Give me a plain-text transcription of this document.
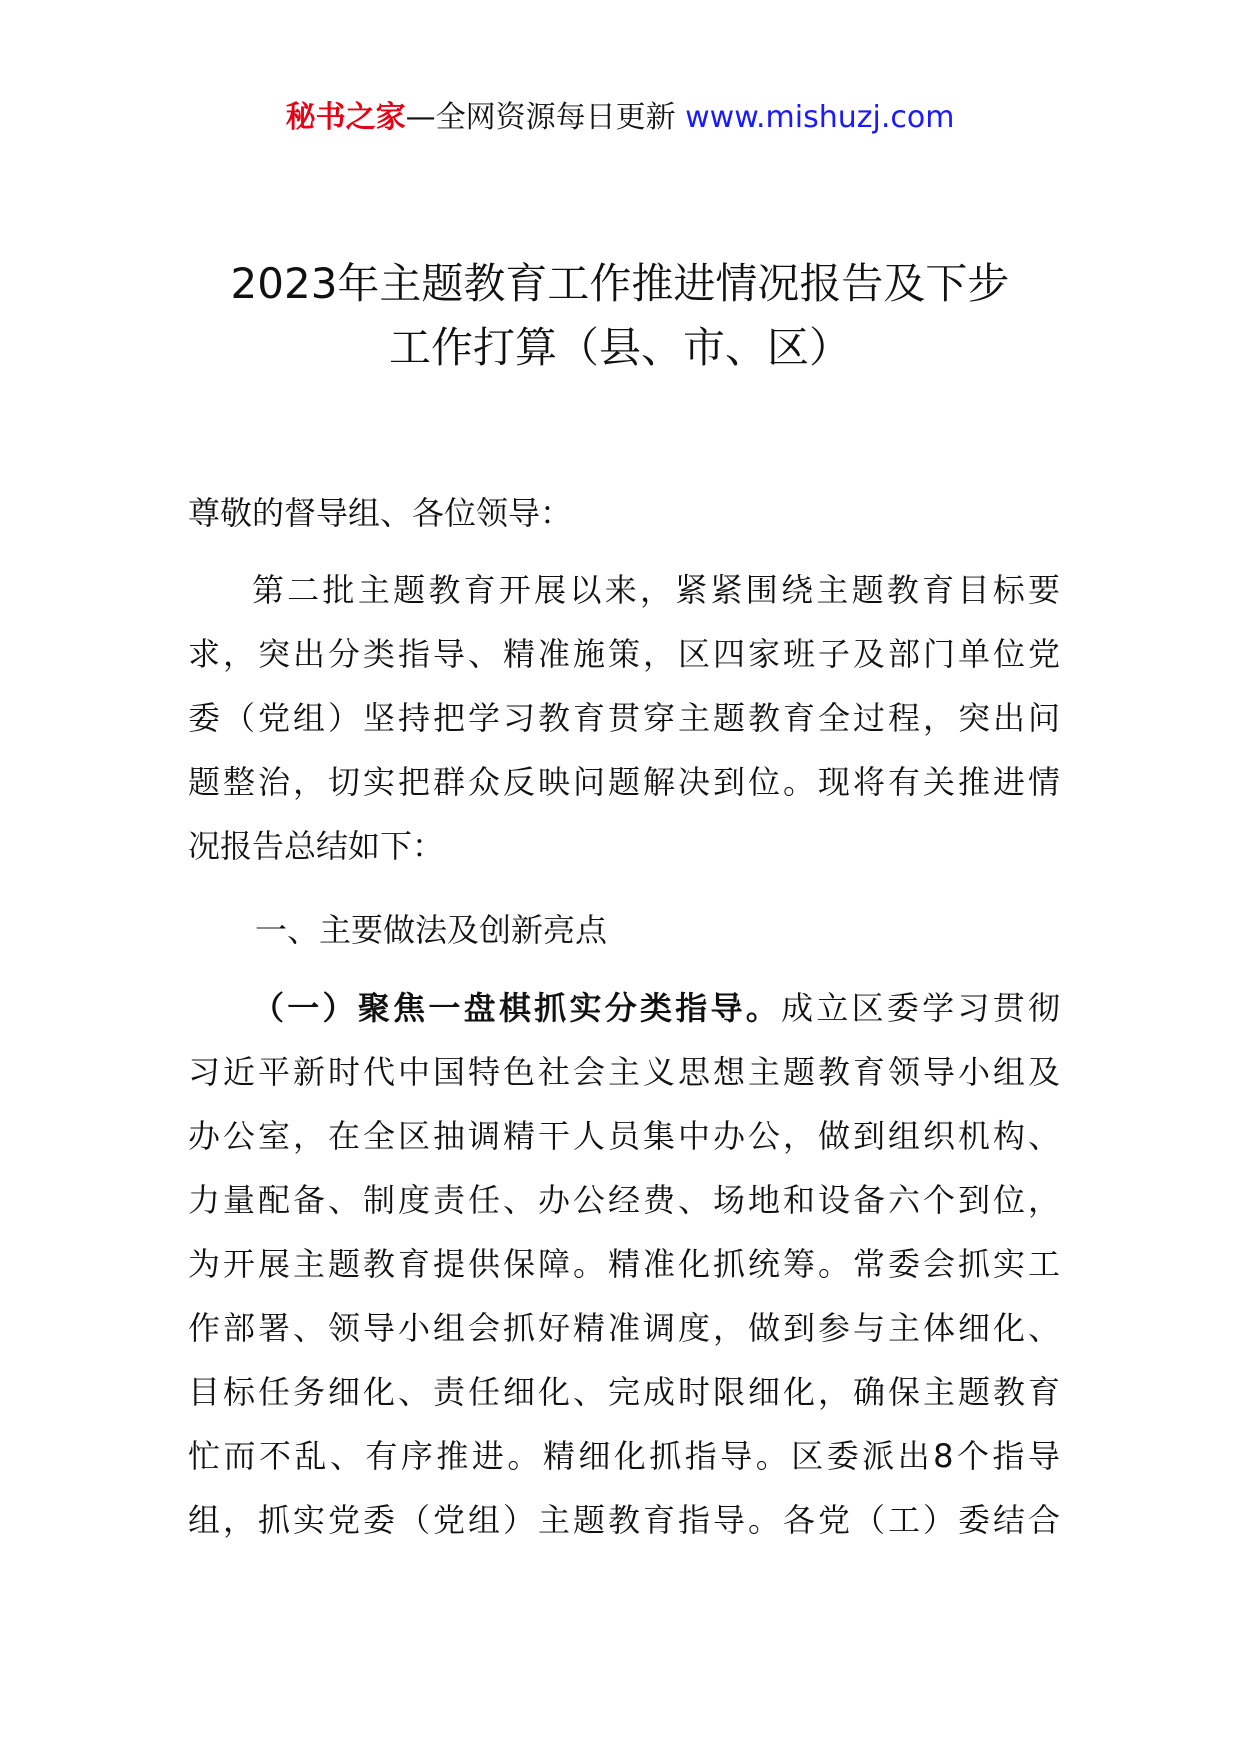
秘书之家—全网资源每日更新 www.mishuzj.com
2023年主题教育工作推进情况报告及下步
工作打算（县、市、区）
尊敬的督导组、各位领导：
第二批主题教育开展以来，紧紧围绕主题教育目标要
求，突出分类指导、精准施策，区四家班子及部门单位党
委（党组）坚持把学习教育贯穿主题教育全过程，突出问
题整治，切实把群众反映问题解决到位。现将有关推进情
况报告总结如下：
一、主要做法及创新亮点
（一）聚焦一盘棋抓实分类指导。成立区委学习贯彻
习近平新时代中国特色社会主义思想主题教育领导小组及
办公室，在全区抽调精干人员集中办公，做到组织机构、
力量配备、制度责任、办公经费、场地和设备六个到位，
为开展主题教育提供保障。精准化抓统筹。常委会抓实工
作部署、领导小组会抓好精准调度，做到参与主体细化、
目标任务细化、责任细化、完成时限细化，确保主题教育
忙而不乱、有序推进。精细化抓指导。区委派出8个指导
组，抓实党委（党组）主题教育指导。各党（工）委结合
